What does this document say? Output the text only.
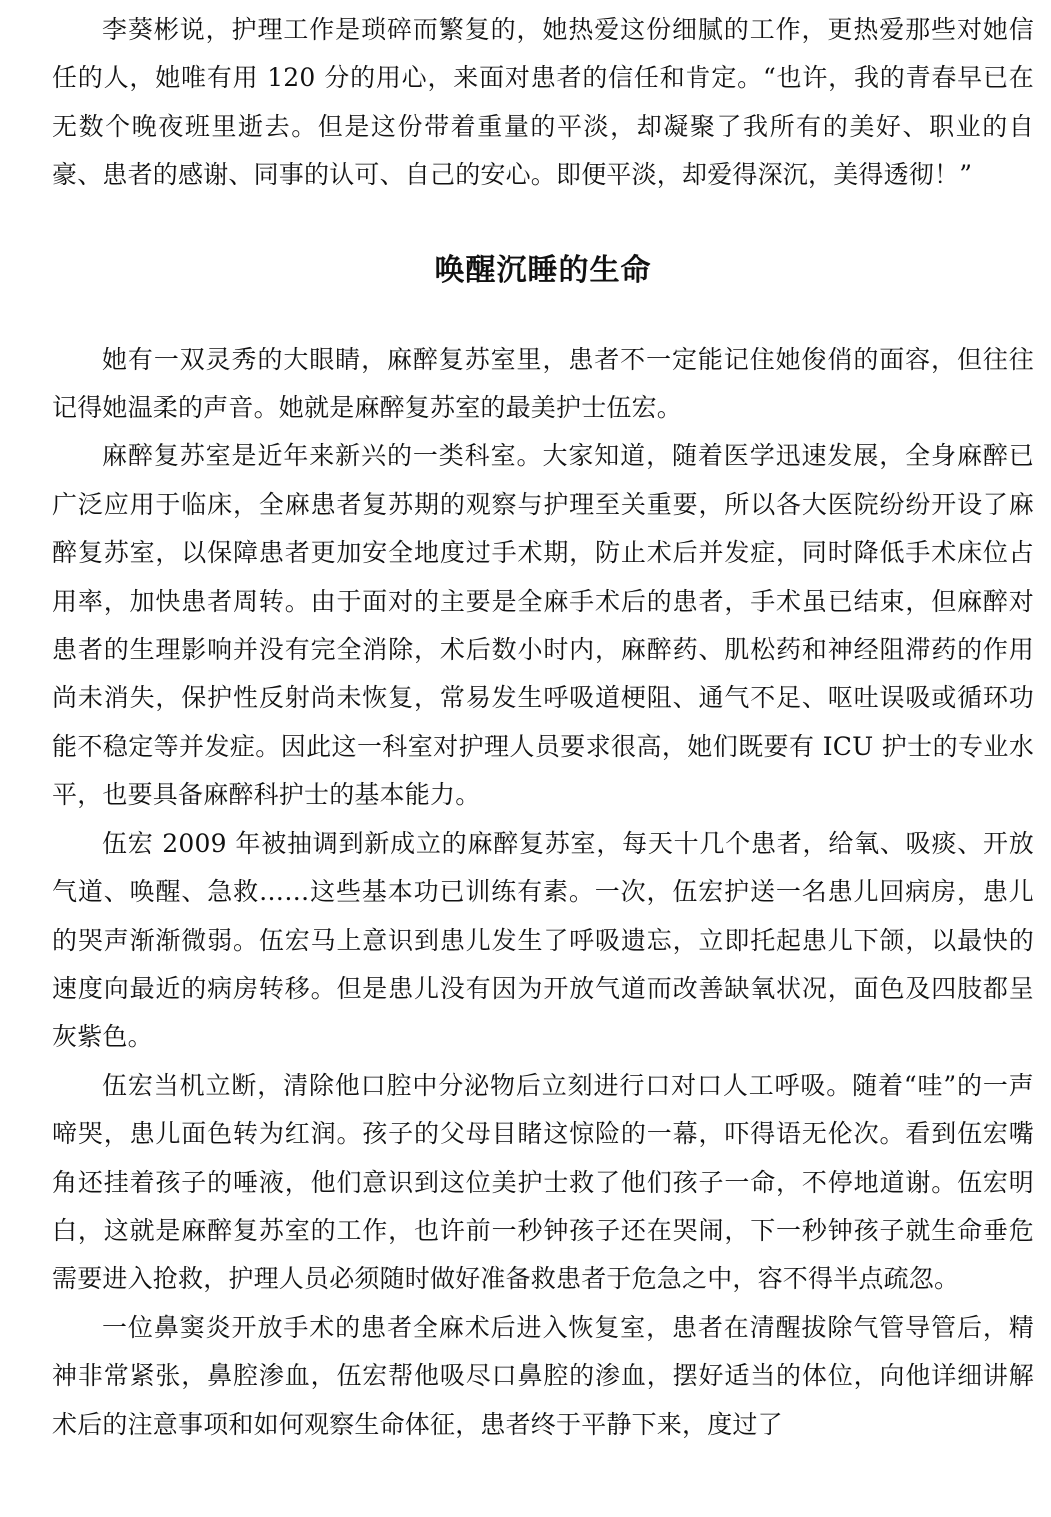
李葵彬说，护理工作是琐碎而繁复的，她热爱这份细腻的工作，更热爱那些对她信任的人，她唯有用 120 分的用心，来面对患者的信任和肯定。“也许，我的青春早已在无数个晚夜班里逝去。但是这份带着重量的平淡，却凝聚了我所有的美好、职业的自豪、患者的感谢、同事的认可、自己的安心。即便平淡，却爱得深沉，美得透彻！”

唤醒沉睡的生命

她有一双灵秀的大眼睛，麻醉复苏室里，患者不一定能记住她俊俏的面容，但往往记得她温柔的声音。她就是麻醉复苏室的最美护士伍宏。

麻醉复苏室是近年来新兴的一类科室。大家知道，随着医学迅速发展，全身麻醉已广泛应用于临床，全麻患者复苏期的观察与护理至关重要，所以各大医院纷纷开设了麻醉复苏室，以保障患者更加安全地度过手术期，防止术后并发症，同时降低手术床位占用率，加快患者周转。由于面对的主要是全麻手术后的患者，手术虽已结束，但麻醉对患者的生理影响并没有完全消除，术后数小时内，麻醉药、肌松药和神经阻滞药的作用尚未消失，保护性反射尚未恢复，常易发生呼吸道梗阻、通气不足、呕吐误吸或循环功能不稳定等并发症。因此这一科室对护理人员要求很高，她们既要有 ICU 护士的专业水平，也要具备麻醉科护士的基本能力。

伍宏 2009 年被抽调到新成立的麻醉复苏室，每天十几个患者，给氧、吸痰、开放气道、唤醒、急救……这些基本功已训练有素。一次，伍宏护送一名患儿回病房，患儿的哭声渐渐微弱。伍宏马上意识到患儿发生了呼吸遗忘，立即托起患儿下颌，以最快的速度向最近的病房转移。但是患儿没有因为开放气道而改善缺氧状况，面色及四肢都呈灰紫色。

伍宏当机立断，清除他口腔中分泌物后立刻进行口对口人工呼吸。随着“哇”的一声啼哭，患儿面色转为红润。孩子的父母目睹这惊险的一幕，吓得语无伦次。看到伍宏嘴角还挂着孩子的唾液，他们意识到这位美护士救了他们孩子一命，不停地道谢。伍宏明白，这就是麻醉复苏室的工作，也许前一秒钟孩子还在哭闹，下一秒钟孩子就生命垂危需要进入抢救，护理人员必须随时做好准备救患者于危急之中，容不得半点疏忽。

一位鼻窦炎开放手术的患者全麻术后进入恢复室，患者在清醒拔除气管导管后，精神非常紧张，鼻腔渗血，伍宏帮他吸尽口鼻腔的渗血，摆好适当的体位，向他详细讲解术后的注意事项和如何观察生命体征，患者终于平静下来，度过了
